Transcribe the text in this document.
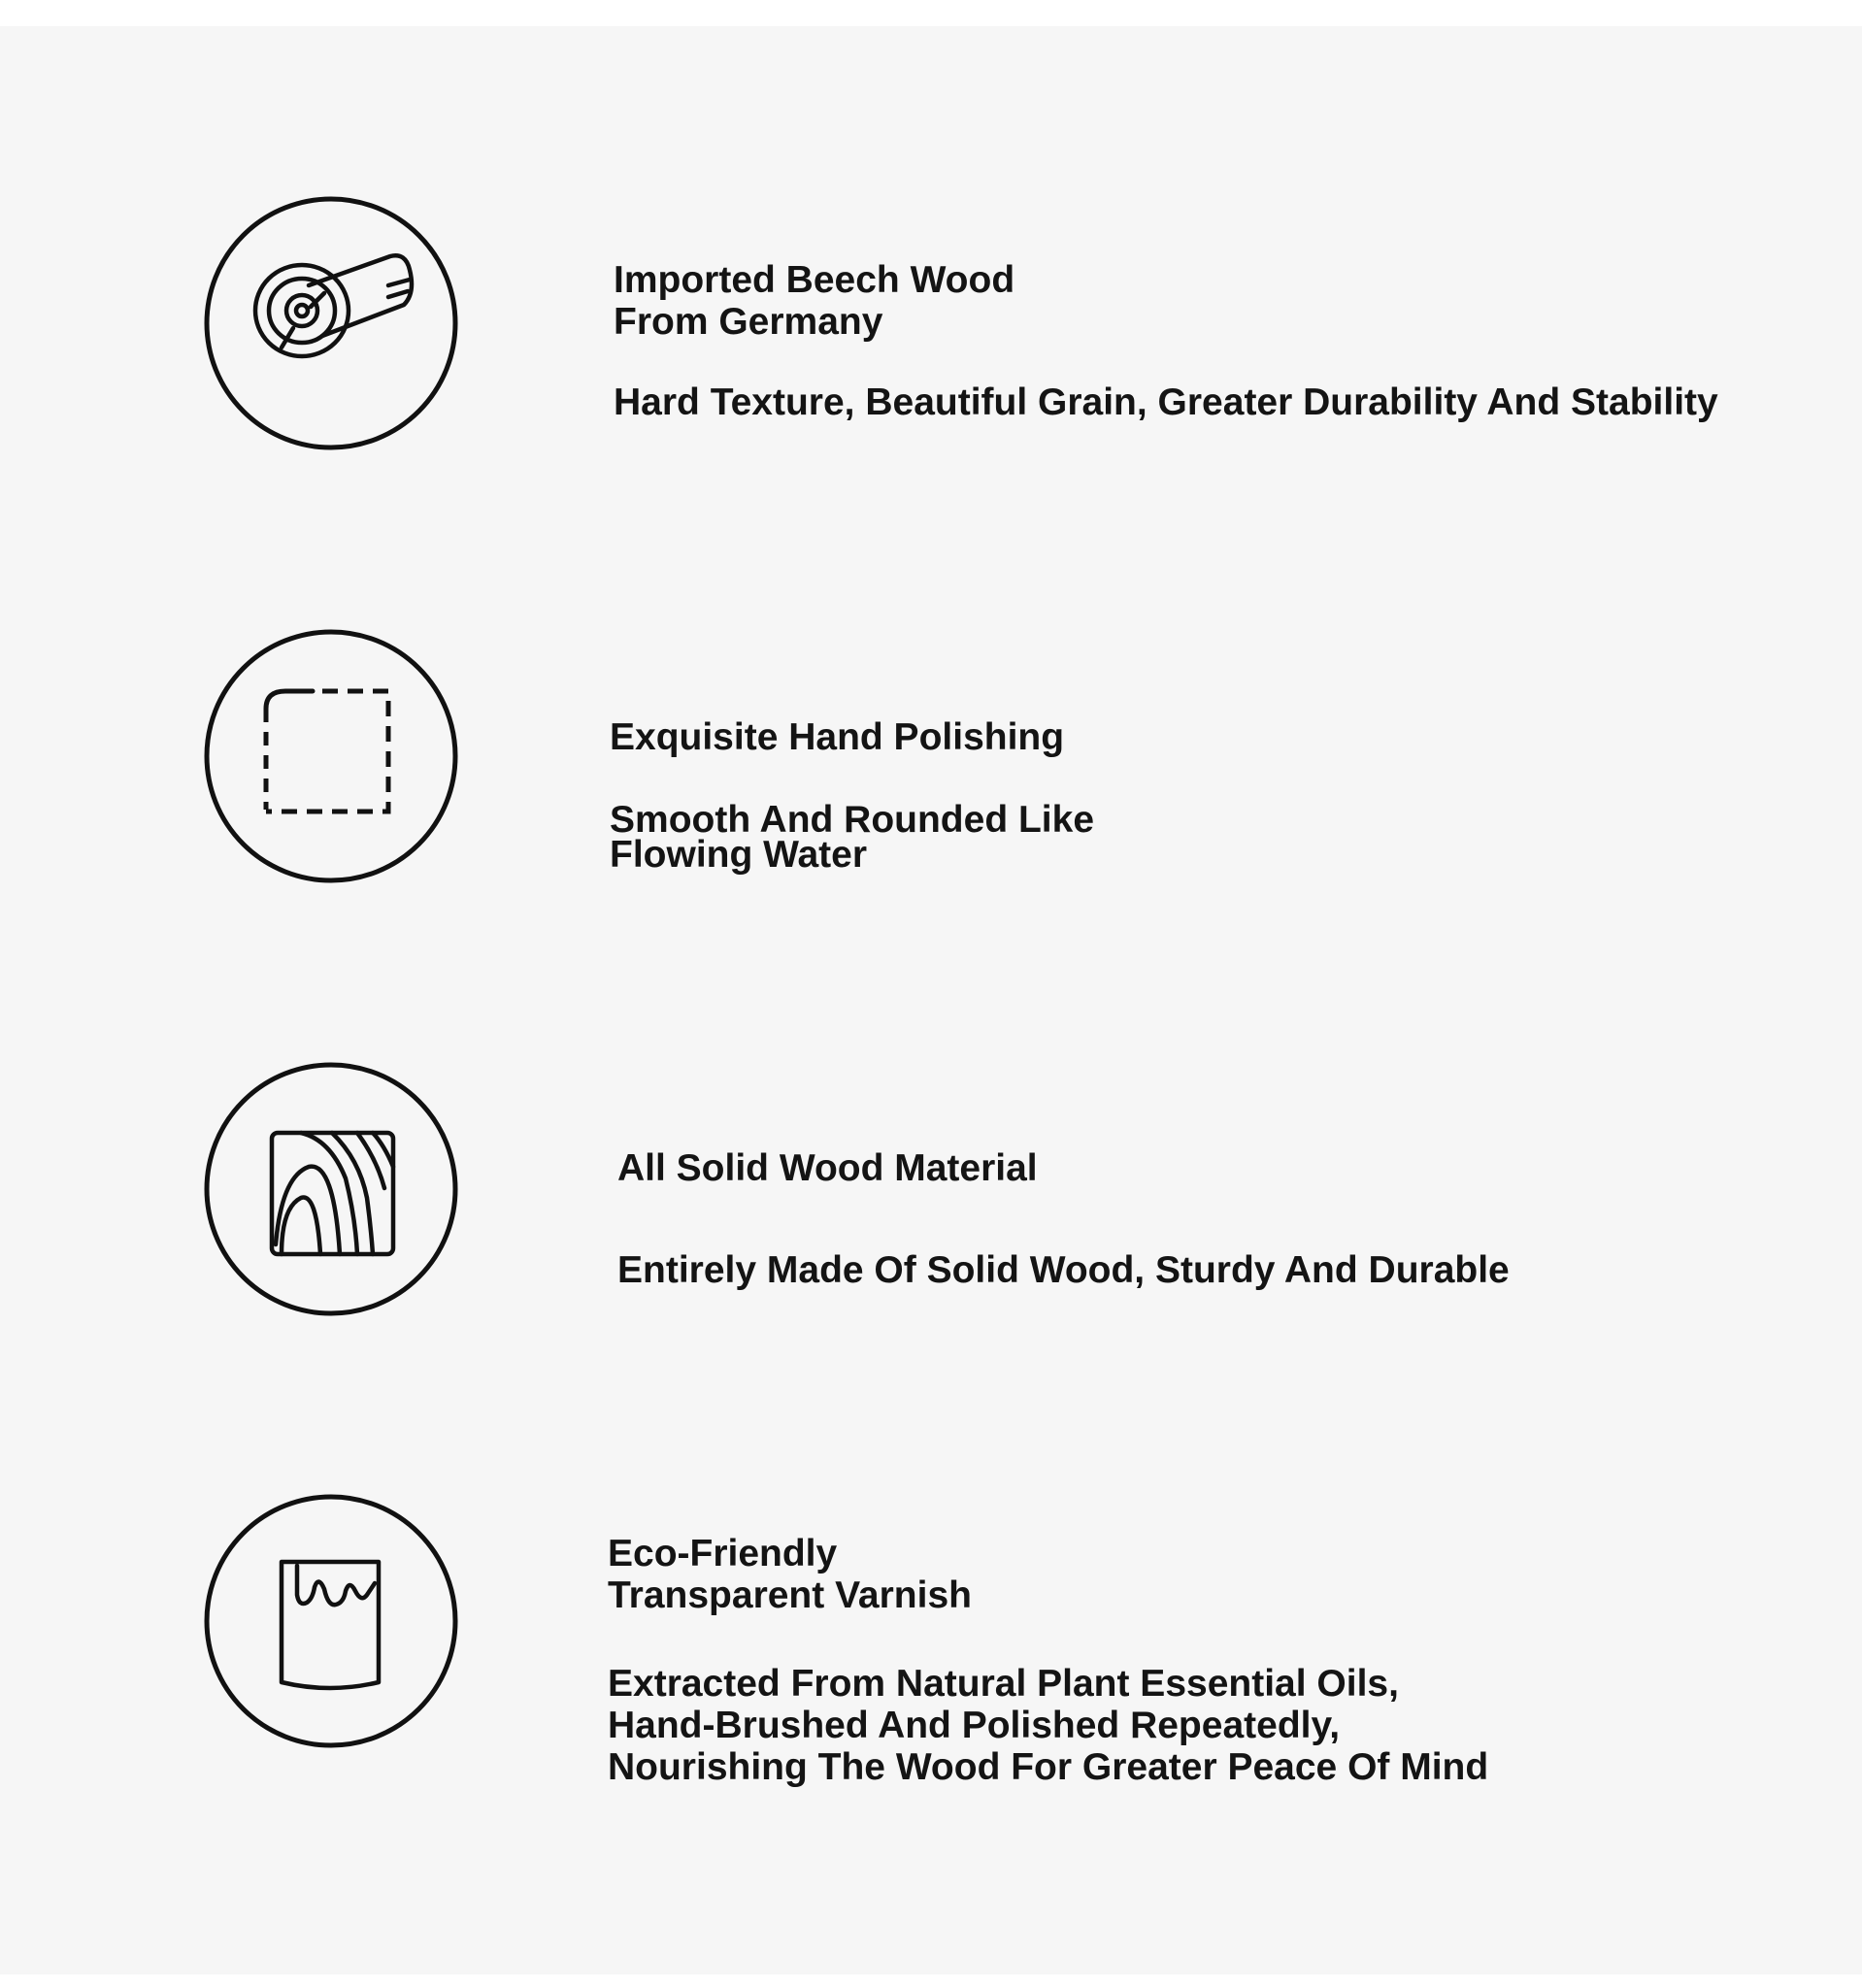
Imported Beech Wood
From Germany
Hard Texture, Beautiful Grain, Greater Durability And Stability
Exquisite Hand Polishing
Smooth And Rounded Like
Flowing Water
All Solid Wood Material
Entirely Made Of Solid Wood, Sturdy And Durable
Eco-Friendly
Transparent Varnish
Extracted From Natural Plant Essential Oils,
Hand-Brushed And Polished Repeatedly,
Nourishing The Wood For Greater Peace Of Mind
